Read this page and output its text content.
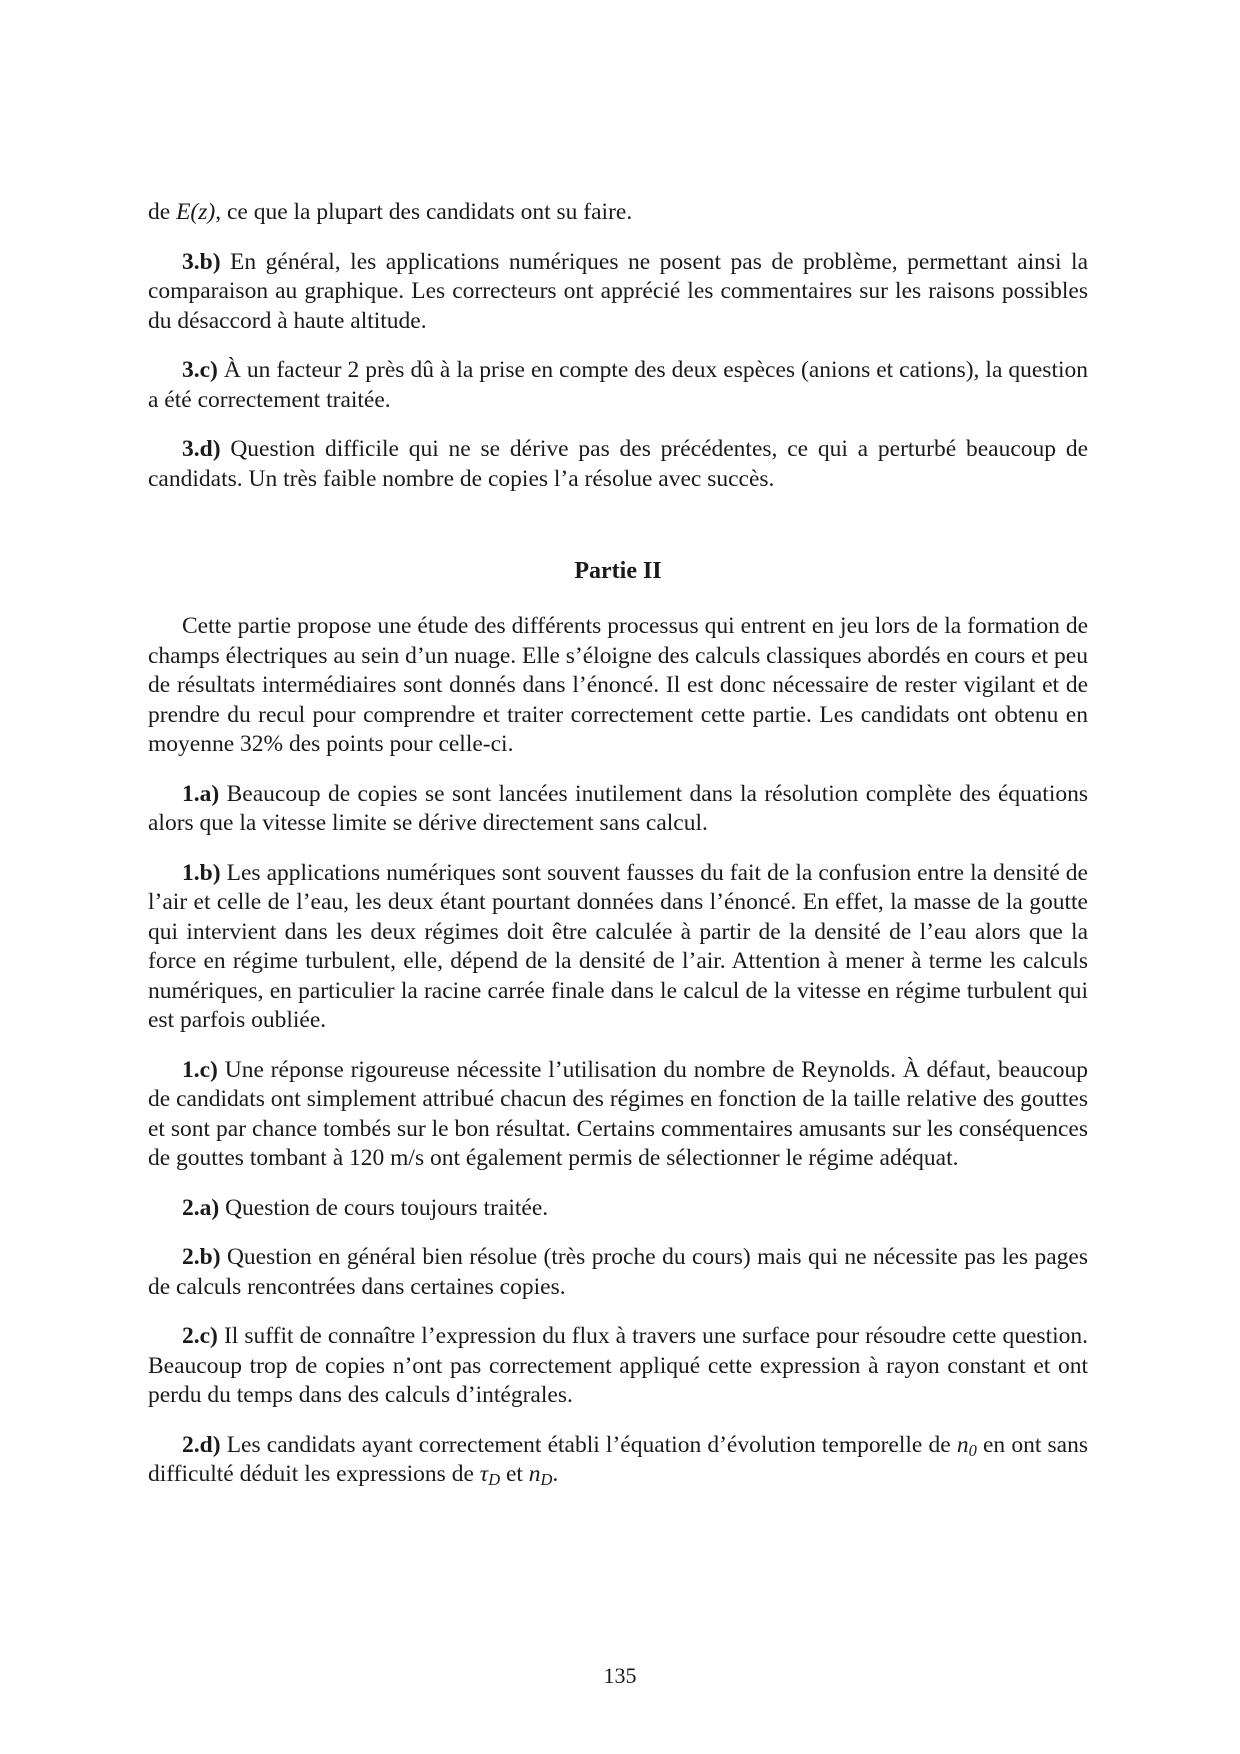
de E(z), ce que la plupart des candidats ont su faire.

3.b) En général, les applications numériques ne posent pas de problème, permettant ainsi la comparaison au graphique. Les correcteurs ont apprécié les commentaires sur les raisons possibles du désaccord à haute altitude.

3.c) À un facteur 2 près dû à la prise en compte des deux espèces (anions et cations), la question a été correctement traitée.

3.d) Question difficile qui ne se dérive pas des précédentes, ce qui a perturbé beaucoup de candidats. Un très faible nombre de copies l’a résolue avec succès.

Partie II

Cette partie propose une étude des différents processus qui entrent en jeu lors de la formation de champs électriques au sein d’un nuage. Elle s’éloigne des calculs classiques abordés en cours et peu de résultats intermédiaires sont donnés dans l’énoncé. Il est donc nécessaire de rester vigilant et de prendre du recul pour comprendre et traiter correctement cette partie. Les candidats ont obtenu en moyenne 32% des points pour celle-ci.

1.a) Beaucoup de copies se sont lancées inutilement dans la résolution complète des équations alors que la vitesse limite se dérive directement sans calcul.

1.b) Les applications numériques sont souvent fausses du fait de la confusion entre la densité de l’air et celle de l’eau, les deux étant pourtant données dans l’énoncé. En effet, la masse de la goutte qui intervient dans les deux régimes doit être calculée à partir de la densité de l’eau alors que la force en régime turbulent, elle, dépend de la densité de l’air. Attention à mener à terme les calculs numériques, en particulier la racine carrée finale dans le calcul de la vitesse en régime turbulent qui est parfois oubliée.

1.c) Une réponse rigoureuse nécessite l’utilisation du nombre de Reynolds. À défaut, beaucoup de candidats ont simplement attribué chacun des régimes en fonction de la taille relative des gouttes et sont par chance tombés sur le bon résultat. Certains commentaires amusants sur les conséquences de gouttes tombant à 120 m/s ont également permis de sélectionner le régime adéquat.

2.a) Question de cours toujours traitée.

2.b) Question en général bien résolue (très proche du cours) mais qui ne nécessite pas les pages de calculs rencontrées dans certaines copies.

2.c) Il suffit de connaître l’expression du flux à travers une surface pour résoudre cette question. Beaucoup trop de copies n’ont pas correctement appliqué cette expression à rayon constant et ont perdu du temps dans des calculs d’intégrales.

2.d) Les candidats ayant correctement établi l’équation d’évolution temporelle de $n_0$ en ont sans difficulté déduit les expressions de $\tau_D$ et $n_D$.

135
